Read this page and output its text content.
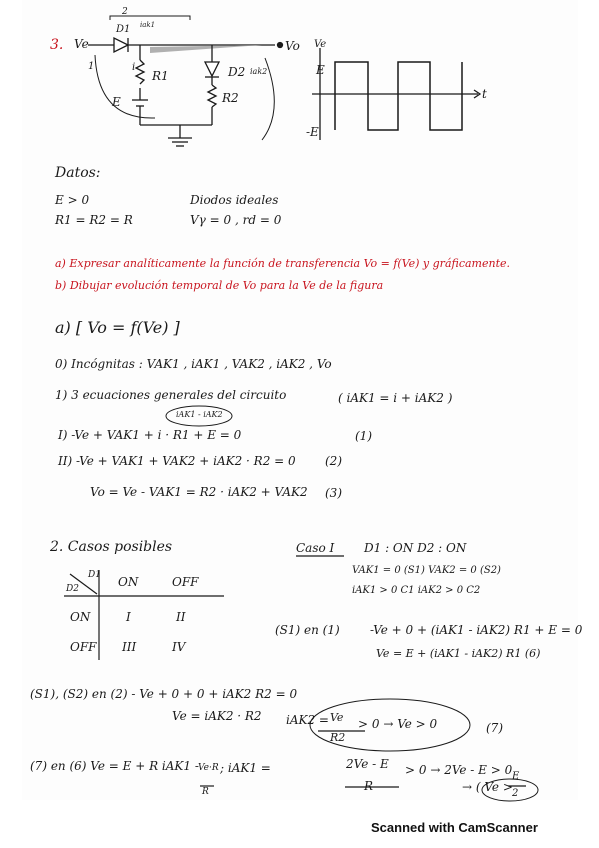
3. Ve
D1 iak1
2
1	i
R1	D2 iak2
R2
E
Vo Ve
E
-E
t
Datos:
E > 0
R1 = R2 = R
Diodos ideales
Vγ = 0 , rd = 0
a) Expresar analíticamente la función de transferencia Vo = f(Ve) y gráficamente.
b) Dibujar evolución temporal de Vo para la Ve de la figura
a) [ Vo = f(Ve) ]
0) Incógnitas : VAK1 , iAK1 , VAK2 , iAK2 , Vo
1) 3 ecuaciones generales del circuito	( iAK1 = i + iAK2 )
iAK1 - iAK2
I) -Ve + VAK1 + i · R1 + E = 0	(1)
II) -Ve + VAK1 + VAK2 + iAK2 · R2 = 0 (2)
Vo = Ve - VAK1 = R2 · iAK2 + VAK2 (3)
2. Casos posibles
D1
D2	ON	OFF
ON	I	II
OFF III	IV
Caso I D1 : ON D2 : ON
VAK1 = 0 (S1) VAK2 = 0 (S2)
iAK1 > 0 C1 iAK2 > 0 C2
(S1) en (1)	-Ve + 0 + (iAK1 - iAK2) R1 + E = 0
Ve = E + (iAK1 - iAK2) R1 (6)
(S1), (S2) en (2) - Ve + 0 + 0 + iAK2 R2 = 0
Ve = iAK2 · R2 iAK2 = Ve
R2
> 0 → Ve > 0	(7)
(7) en (6) Ve = E + R iAK1 - Ve·R
R
; iAK1 =	2Ve - E
R
> 0 → 2Ve - E > 0
→ ( Ve >
E
2
Scanned with CamScanner
